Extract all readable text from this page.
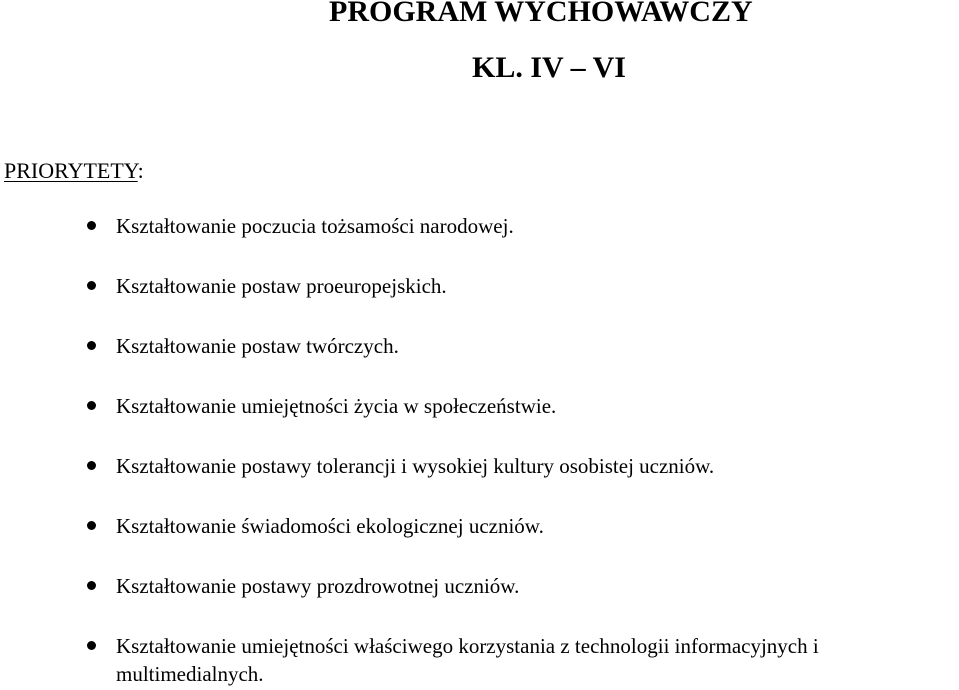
PROGRAM WYCHOWAWCZY
KL. IV – VI
PRIORYTETY:
Kształtowanie poczucia tożsamości narodowej.
Kształtowanie postaw proeuropejskich.
Kształtowanie postaw twórczych.
Kształtowanie umiejętności życia w społeczeństwie.
Kształtowanie postawy tolerancji i wysokiej kultury osobistej uczniów.
Kształtowanie świadomości ekologicznej uczniów.
Kształtowanie postawy prozdrowotnej uczniów.
Kształtowanie umiejętności właściwego korzystania z technologii informacyjnych i multimedialnych.
